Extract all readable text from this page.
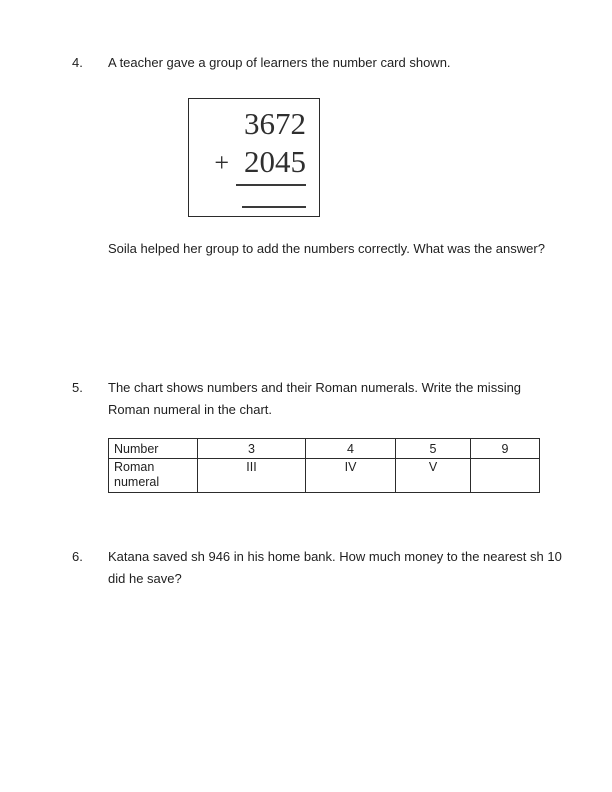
4.	A teacher gave a group of learners the number card shown.

3672
+ 2045

Soila helped her group to add the numbers correctly. What was the answer?

5.	The chart shows numbers and their Roman numerals. Write the missing

Roman numeral in the chart.

Number	3	4	5	9
Roman numeral	III	IV	V	
6.	Katana saved sh 946 in his home bank. How much money to the nearest sh 10

did he save?
